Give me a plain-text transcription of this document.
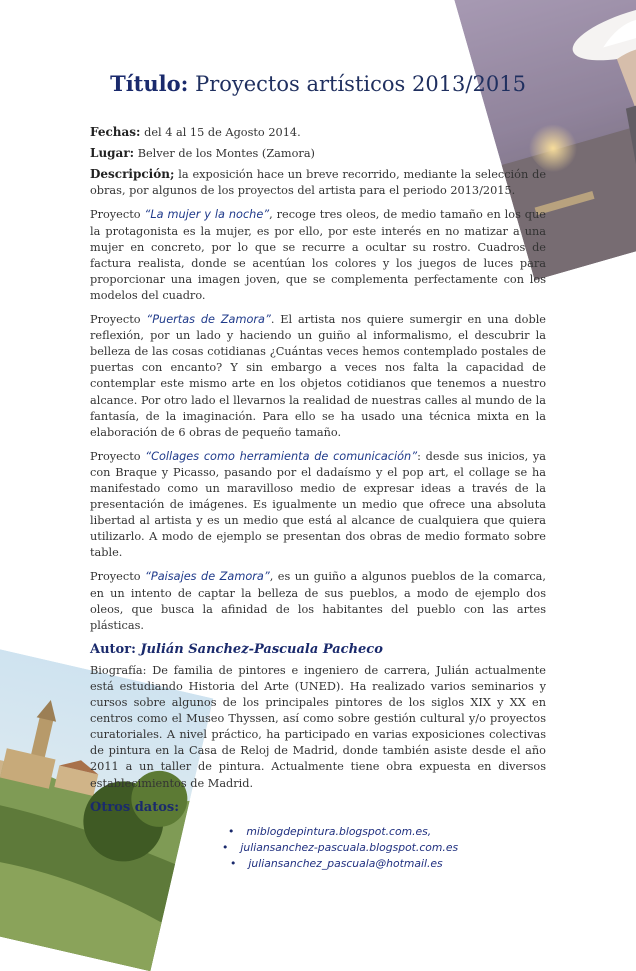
Título: Proyectos artísticos 2013/2015

Fechas: del 4 al 15 de Agosto 2014.

Lugar: Belver de los Montes (Zamora)

Descripción; la exposición hace un breve recorrido, mediante la selección de obras, por algunos de los proyectos del artista para el periodo 2013/2015.

Proyecto “La mujer y la noche”, recoge tres oleos, de medio tamaño en los que la protagonista es la mujer, es por ello, por este interés en no matizar a una mujer en concreto, por lo que se recurre a ocultar su rostro. Cuadros de factura realista, donde se acentúan los colores y los juegos de luces para proporcionar una imagen joven, que se complementa perfectamente con los modelos del cuadro.

Proyecto “Puertas de Zamora”. El artista nos quiere sumergir en una doble reflexión, por un lado y haciendo un guiño al informalismo, el descubrir la belleza de las cosas cotidianas ¿Cuántas veces hemos contemplado postales de puertas con encanto? Y sin embargo a veces nos falta la capacidad de contemplar este mismo arte en los objetos cotidianos que tenemos a nuestro alcance. Por otro lado el llevarnos la realidad de nuestras calles al mundo de la fantasía, de la imaginación. Para ello se ha usado una técnica mixta en la elaboración de 6 obras de pequeño tamaño.

Proyecto “Collages como herramienta de comunicación”: desde sus inicios, ya con Braque y Picasso, pasando por el dadaísmo y el pop art, el collage se ha manifestado como un maravilloso medio de expresar ideas a través de la presentación de imágenes. Es igualmente un medio que ofrece una absoluta libertad al artista y es un medio que está al alcance de cualquiera que quiera utilizarlo. A modo de ejemplo se presentan dos obras de medio formato sobre table.

Proyecto “Paisajes de Zamora”, es un guiño a algunos pueblos de la comarca, en un intento de captar la belleza de sus pueblos, a modo de ejemplo dos oleos, que busca la afinidad de los habitantes del pueblo con las artes plásticas.

Autor: Julián Sanchez-Pascuala Pacheco

Biografía: De familia de pintores e ingeniero de carrera, Julián actualmente está estudiando Historia del Arte (UNED). Ha realizado varios seminarios y cursos sobre algunos de los principales pintores de los siglos XIX y XX en centros como el Museo Thyssen, así como sobre gestión cultural y/o proyectos curatoriales. A nivel práctico, ha participado en varias exposiciones colectivas de pintura en la Casa de Reloj de Madrid, donde también asiste desde el año 2011 a un taller de pintura. Actualmente tiene obra expuesta en diversos establecimientos de Madrid.

Otros datos:
• miblogdepintura.blogspot.com.es,
• juliansanchez-pascuala.blogspot.com.es
• juliansanchez_pascuala@hotmail.es
